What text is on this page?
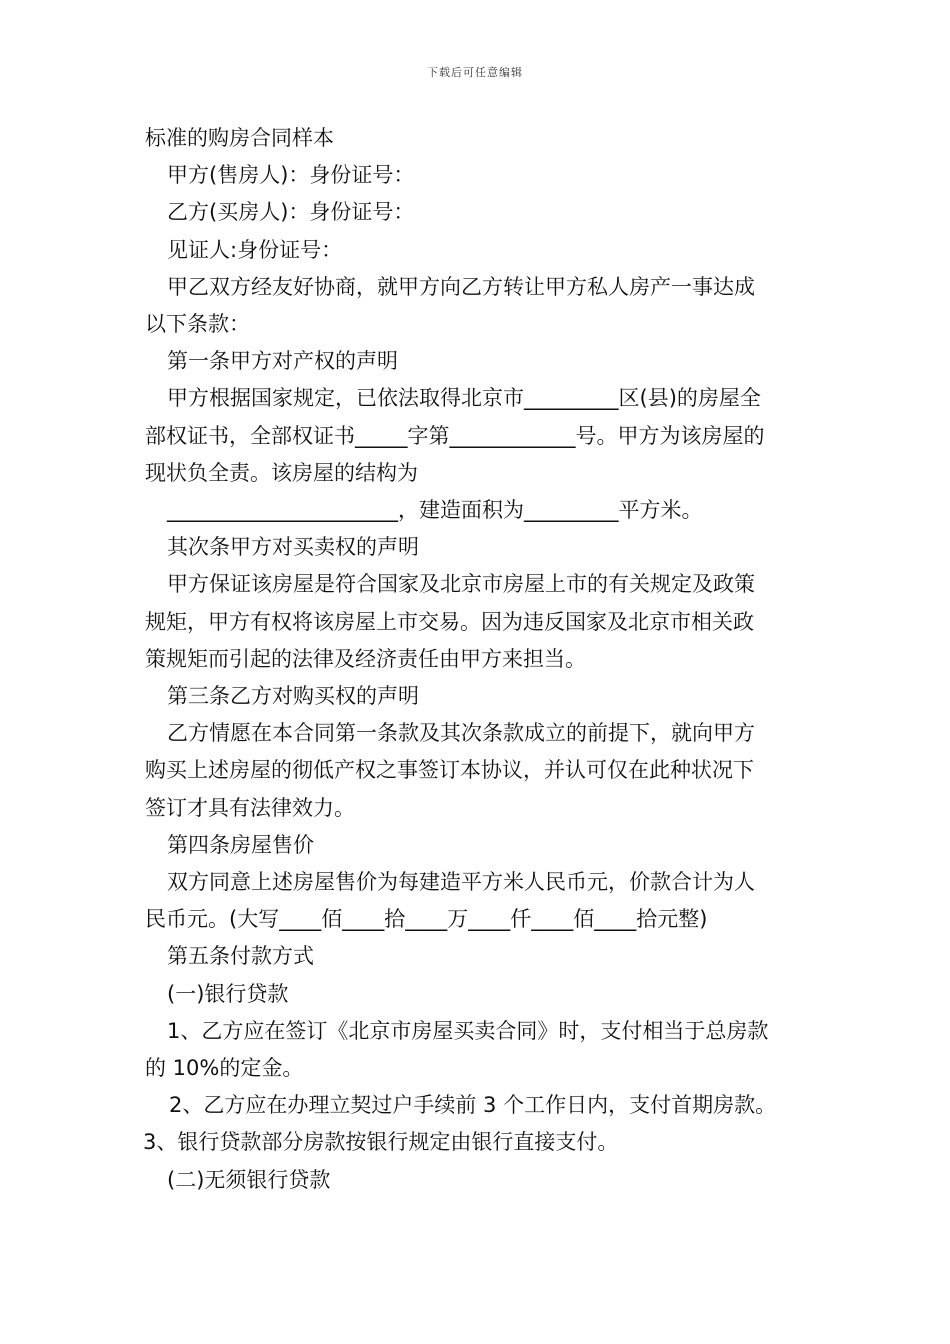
下载后可任意编辑
标准的购房合同样本
甲方(售房人)：身份证号：
乙方(买房人)：身份证号：
见证人:身份证号：
甲乙双方经友好协商，就甲方向乙方转让甲方私人房产一事达成
以下条款：
第一条甲方对产权的声明
甲方根据国家规定，已依法取得北京市_________区(县)的房屋全
部权证书，全部权证书_____字第____________号。甲方为该房屋的
现状负全责。该房屋的结构为
______________________，建造面积为_________平方米。
其次条甲方对买卖权的声明
甲方保证该房屋是符合国家及北京市房屋上市的有关规定及政策
规矩，甲方有权将该房屋上市交易。因为违反国家及北京市相关政
策规矩而引起的法律及经济责任由甲方来担当。
第三条乙方对购买权的声明
乙方情愿在本合同第一条款及其次条款成立的前提下，就向甲方
购买上述房屋的彻低产权之事签订本协议，并认可仅在此种状况下
签订才具有法律效力。
第四条房屋售价
双方同意上述房屋售价为每建造平方米人民币元，价款合计为人
民币元。(大写____佰____拾____万____仟____佰____拾元整)
第五条付款方式
(一)银行贷款
1、乙方应在签订《北京市房屋买卖合同》时，支付相当于总房款
的 10%的定金。
2、乙方应在办理立契过户手续前 3 个工作日内，支付首期房款。
3、银行贷款部分房款按银行规定由银行直接支付。
(二)无须银行贷款
